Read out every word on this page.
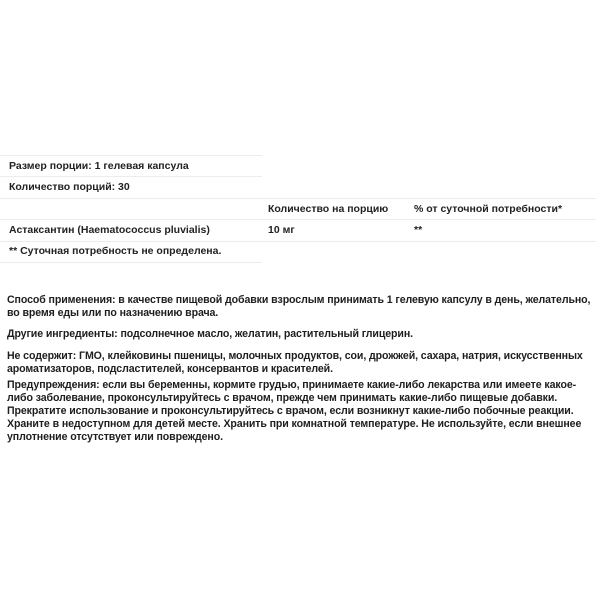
Размер порции: 1 гелевая капсула
Количество порций: 30
Количество на порцию % от суточной потребности*
Астаксантин (Haematococcus pluvialis)	10 мг	**
** Суточная потребность не определена.

Способ применения: в качестве пищевой добавки взрослым принимать 1 гелевую капсулу в день, желательно, во время еды или по назначению врача.

Другие ингредиенты: подсолнечное масло, желатин, растительный глицерин.

Не содержит: ГМО, клейковины пшеницы, молочных продуктов, сои, дрожжей, сахара, натрия, искусственных ароматизаторов, подсластителей, консервантов и красителей.

Предупреждения: если вы беременны, кормите грудью, принимаете какие-либо лекарства или имеете какое-либо заболевание, проконсультируйтесь с врачом, прежде чем принимать какие-либо пищевые добавки. Прекратите использование и проконсультируйтесь с врачом, если возникнут какие-либо побочные реакции. Храните в недоступном для детей месте. Хранить при комнатной температуре. Не используйте, если внешнее уплотнение отсутствует или повреждено.
